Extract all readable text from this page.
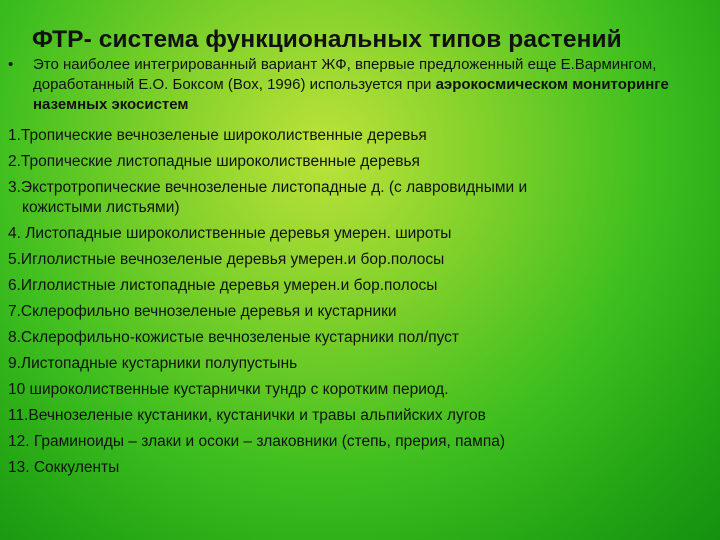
ФТР- система функциональных типов растений
• Это наиболее интегрированный вариант ЖФ, впервые предложенный еще Е.Вармингом, доработанный Е.О. Боксом (Box, 1996) используется при аэрокосмическом мониторинге наземных экосистем
1.Тропические вечнозеленые широколиственные деревья
2.Тропические листопадные широколиственные деревья
3.Экстротропические вечнозеленые листопадные д. (с лавровидными и
кожистыми листьями)
4. Листопадные широколиственные деревья умерен. широты
5.Иглолистные вечнозеленые деревья умерен.и бор.полосы
6.Иглолистные листопадные деревья умерен.и бор.полосы
7.Склерофильно вечнозеленые деревья и кустарники
8.Склерофильно-кожистые вечнозеленые кустарники пол/пуст
9.Листопадные кустарники полупустынь
10 широколиственные кустарнички тундр с коротким период.
11.Вечнозеленые кустаники, кустанички и травы альпийских лугов
12. Граминоиды – злаки и осоки – злаковники (степь, прерия, пампа)
13. Соккуленты
